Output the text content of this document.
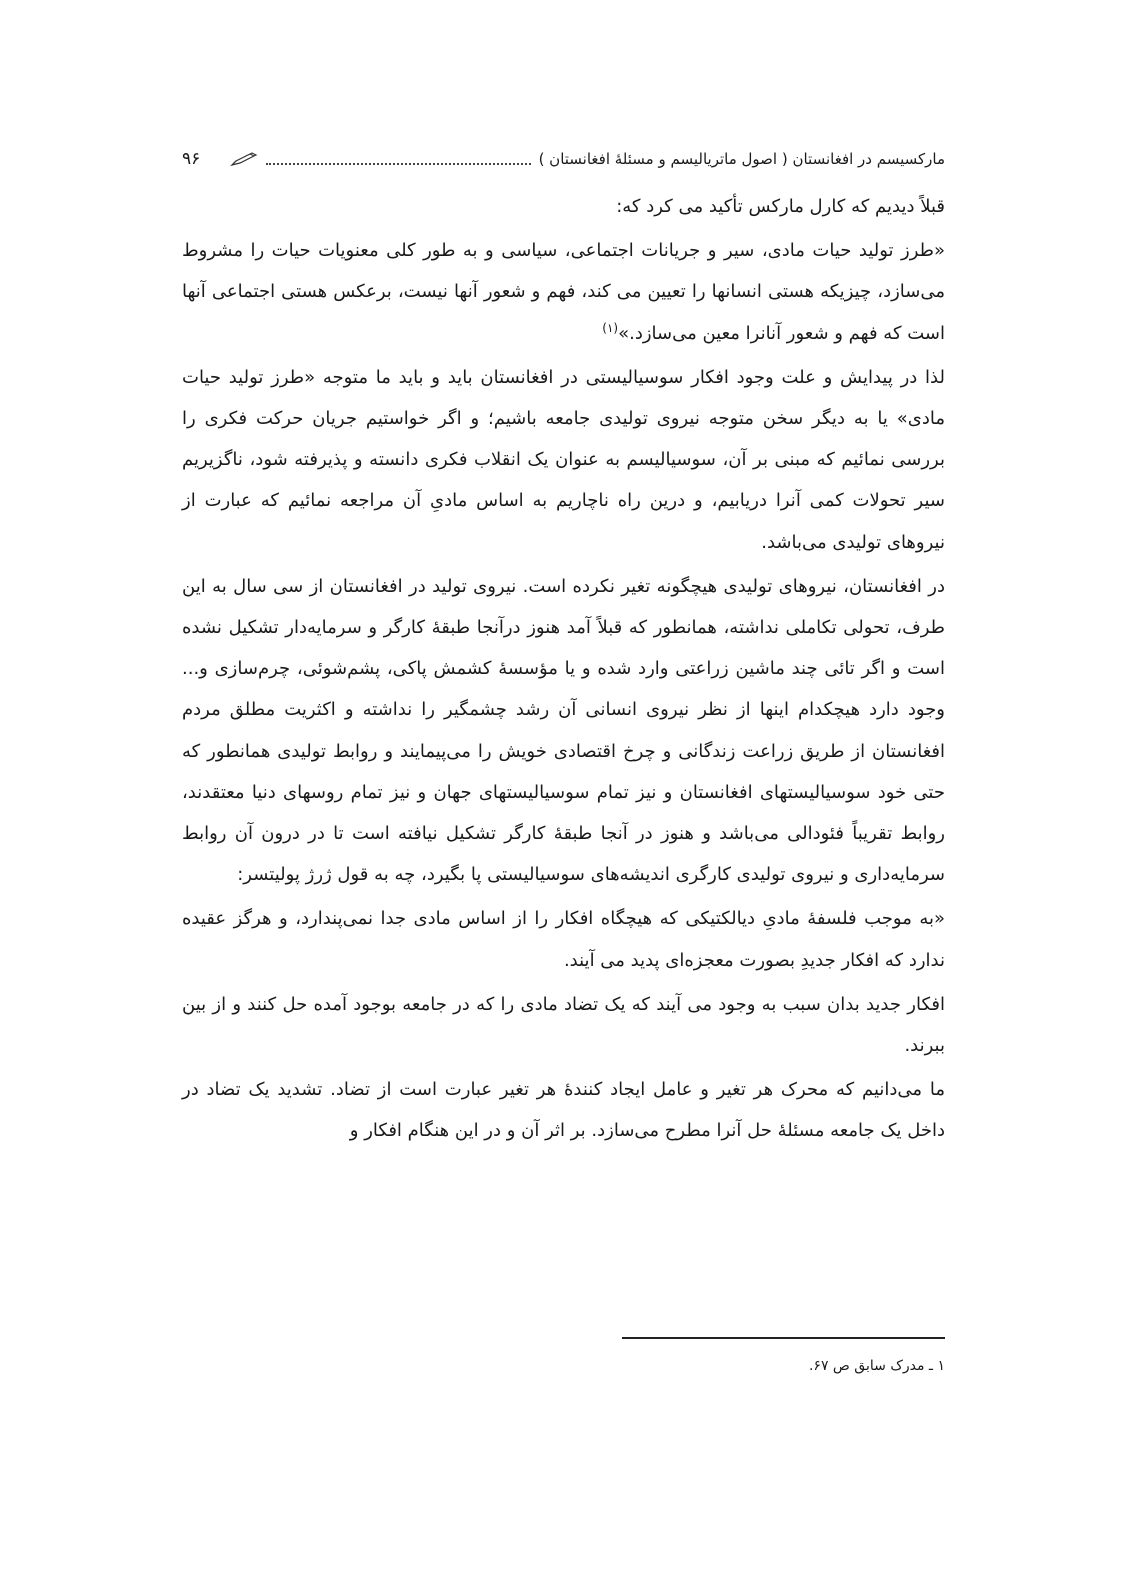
مارکسیسم در افغانستان ( اصول ماتریالیسم و مسئلهٔ افغانستان )
۹۶

قبلاً دیدیم که کارل مارکس تأکید می کرد که:

«طرز تولید حیات مادی، سیر و جریانات اجتماعی، سیاسی و به طور کلی معنویات حیات را مشروط می‌سازد، چیزیکه هستی انسانها را تعیین می کند، فهم و شعور آنها نیست، برعکس هستی اجتماعی آنها است که فهم و شعور آنانرا معین می‌سازد.»$^{(۱)}$

لذا در پیدایش و علت وجود افکار سوسیالیستی در افغانستان باید و باید ما متوجه «طرز تولید حیات مادی» یا به دیگر سخن متوجه نیروی تولیدی جامعه باشیم؛ و اگر خواستیم جریان حرکت فکری را بررسی نمائیم که مبنی بر آن، سوسیالیسم به عنوان یک انقلاب فکری دانسته و پذیرفته شود، ناگزیریم سیر تحولات کمی آنرا دریابیم، و درین راه ناچاریم به اساس مادیِ آن مراجعه نمائیم که عبارت از نیروهای تولیدی می‌باشد.

در افغانستان، نیروهای تولیدی هیچگونه تغیر نکرده است. نیروی تولید در افغانستان از سی سال به این طرف، تحولی تکاملی نداشته، همانطور که قبلاً آمد هنوز درآنجا طبقهٔ کارگر و سرمایه‌دار تشکیل نشده است و اگر تائی چند ماشین زراعتی وارد شده و یا مؤسسهٔ کشمش پاکی، پشم‌شوئی، چرم‌سازی و... وجود دارد هیچکدام اینها از نظر نیروی انسانی آن رشد چشمگیر را نداشته و اکثریت مطلق مردم افغانستان از طریق زراعت زندگانی و چرخ اقتصادی خویش را می‌پیمایند و روابط تولیدی همانطور که حتی خود سوسیالیستهای افغانستان و نیز تمام سوسیالیستهای جهان و نیز تمام روسهای دنیا معتقدند، روابط تقریباً فئودالی می‌باشد و هنوز در آنجا طبقهٔ کارگر تشکیل نیافته است تا در درون آن روابط سرمایه‌داری و نیروی تولیدی کارگری اندیشه‌های سوسیالیستی پا بگیرد، چه به قول ژرژ پولیتسر:

«به موجب فلسفهٔ مادیِ دیالکتیکی که هیچگاه افکار را از اساس مادی جدا نمی‌پندارد، و هرگز عقیده ندارد که افکار جدیدِ بصورت معجزه‌ای پدید می آیند.

افکار جدید بدان سبب به وجود می آیند که یک تضاد مادی را که در جامعه بوجود آمده حل کنند و از بین ببرند.

ما می‌دانیم که محرک هر تغیر و عامل ایجاد کنندهٔ هر تغیر عبارت است از تضاد. تشدید یک تضاد در داخل یک جامعه مسئلهٔ حل آنرا مطرح می‌سازد. بر اثر آن و در این هنگام افکار و

۱ ـ مدرک سابق ص ۶۷.
